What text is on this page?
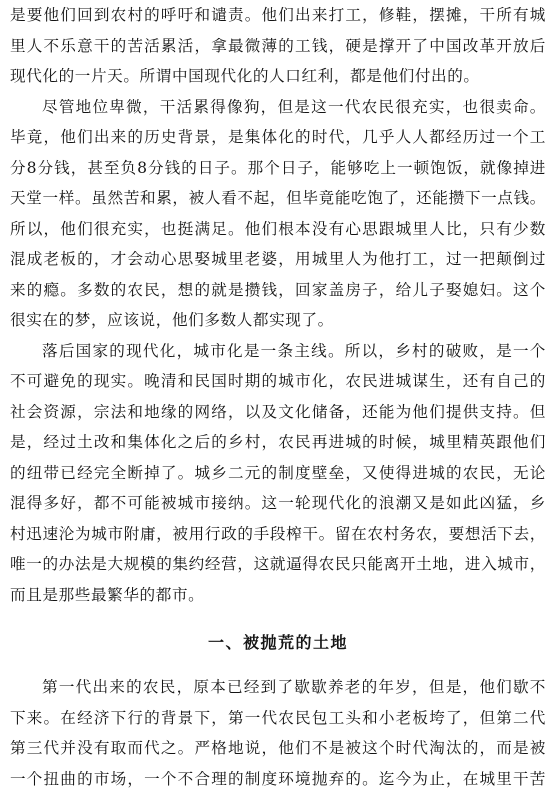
是要他们回到农村的呼吁和谴责。他们出来打工，修鞋，摆摊，干所有城
里人不乐意干的苦活累活，拿最微薄的工钱，硬是撑开了中国改革开放后
现代化的一片天。所谓中国现代化的人口红利，都是他们付出的。

尽管地位卑微，干活累得像狗，但是这一代农民很充实，也很卖命。
毕竟，他们出来的历史背景，是集体化的时代，几乎人人都经历过一个工
分8分钱，甚至负8分钱的日子。那个日子，能够吃上一顿饱饭，就像掉进
天堂一样。虽然苦和累，被人看不起，但毕竟能吃饱了，还能攒下一点钱。
所以，他们很充实，也挺满足。他们根本没有心思跟城里人比，只有少数
混成老板的，才会动心思娶城里老婆，用城里人为他打工，过一把颠倒过
来的瘾。多数的农民，想的就是攒钱，回家盖房子，给儿子娶媳妇。这个
很实在的梦，应该说，他们多数人都实现了。

落后国家的现代化，城市化是一条主线。所以，乡村的破败，是一个
不可避免的现实。晚清和民国时期的城市化，农民进城谋生，还有自己的
社会资源，宗法和地缘的网络，以及文化储备，还能为他们提供支持。但
是，经过土改和集体化之后的乡村，农民再进城的时候，城里精英跟他们
的纽带已经完全断掉了。城乡二元的制度壁垒，又使得进城的农民，无论
混得多好，都不可能被城市接纳。这一轮现代化的浪潮又是如此凶猛，乡
村迅速沦为城市附庸，被用行政的手段榨干。留在农村务农，要想活下去，
唯一的办法是大规模的集约经营，这就逼得农民只能离开土地，进入城市，
而且是那些最繁华的都市。

一、被抛荒的土地

第一代出来的农民，原本已经到了歇歇养老的年岁，但是，他们歇不
下来。在经济下行的背景下，第一代农民包工头和小老板垮了，但第二代
第三代并没有取而代之。严格地说，他们不是被这个时代淘汰的，而是被
一个扭曲的市场，一个不合理的制度环境抛弃的。迄今为止，在城里干苦
